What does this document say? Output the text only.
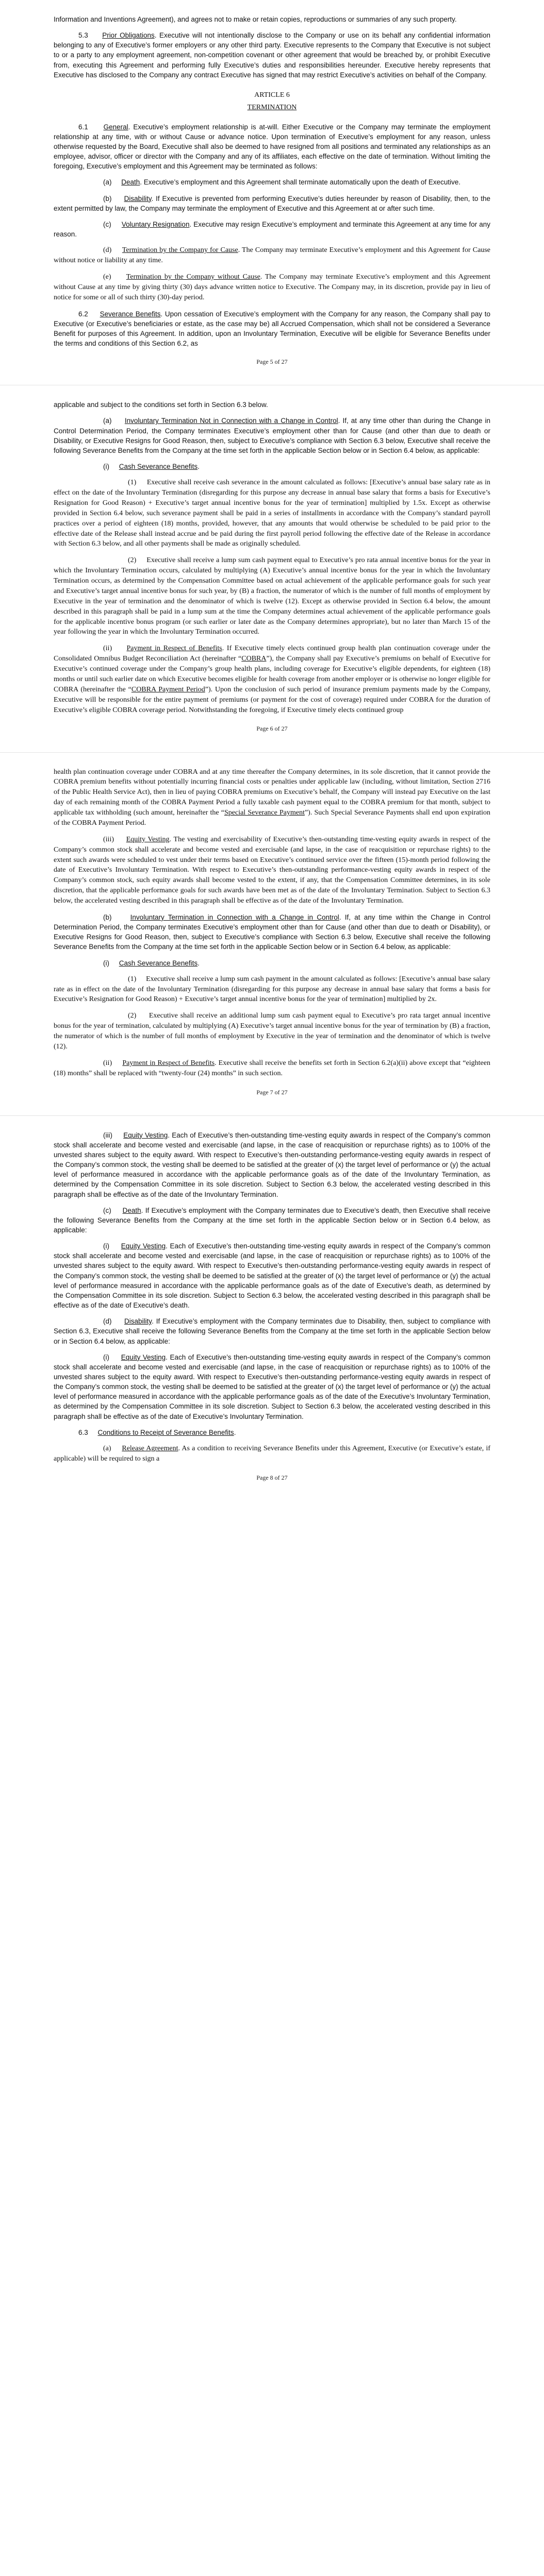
Information and Inventions Agreement), and agrees not to make or retain copies, reproductions or summaries of any such property.

5.3     Prior Obligations. Executive will not intentionally disclose to the Company or use on its behalf any confidential information belonging to any of Executive’s former employers or any other third party. Executive represents to the Company that Executive is not subject to or a party to any employment agreement, non-competition covenant or other agreement that would be breached by, or prohibit Executive from, executing this Agreement and performing fully Executive’s duties and responsibilities hereunder. Executive hereby represents that Executive has disclosed to the Company any contract Executive has signed that may restrict Executive’s activities on behalf of the Company.

ARTICLE 6

TERMINATION

6.1     General. Executive’s employment relationship is at-will. Either Executive or the Company may terminate the employment relationship at any time, with or without Cause or advance notice. Upon termination of Executive’s employment for any reason, unless otherwise requested by the Board, Executive shall also be deemed to have resigned from all positions and terminated any relationships as an employee, advisor, officer or director with the Company and any of its affiliates, each effective on the date of termination. Without limiting the foregoing, Executive’s employment and this Agreement may be terminated as follows:

(a)     Death. Executive’s employment and this Agreement shall terminate automatically upon the death of Executive.

(b)     Disability. If Executive is prevented from performing Executive’s duties hereunder by reason of Disability, then, to the extent permitted by law, the Company may terminate the employment of Executive and this Agreement at or after such time.

(c)     Voluntary Resignation. Executive may resign Executive’s employment and terminate this Agreement at any time for any reason.

(d)     Termination by the Company for Cause. The Company may terminate Executive’s employment and this Agreement for Cause without notice or liability at any time.

(e)     Termination by the Company without Cause. The Company may terminate Executive’s employment and this Agreement without Cause at any time by giving thirty (30) days advance written notice to Executive. The Company may, in its discretion, provide pay in lieu of notice for some or all of such thirty (30)-day period.

6.2     Severance Benefits. Upon cessation of Executive’s employment with the Company for any reason, the Company shall pay to Executive (or Executive’s beneficiaries or estate, as the case may be) all Accrued Compensation, which shall not be considered a Severance Benefit for purposes of this Agreement. In addition, upon an Involuntary Termination, Executive will be eligible for Severance Benefits under the terms and conditions of this Section 6.2, as

Page 5 of 27

applicable and subject to the conditions set forth in Section 6.3 below.

(a)     Involuntary Termination Not in Connection with a Change in Control. If, at any time other than during the Change in Control Determination Period, the Company terminates Executive’s employment other than for Cause (and other than due to death or Disability, or Executive Resigns for Good Reason, then, subject to Executive’s compliance with Section 6.3 below, Executive shall receive the following Severance Benefits from the Company at the time set forth in the applicable Section below or in Section 6.4 below, as applicable:

(i)     Cash Severance Benefits.

(1)     Executive shall receive cash severance in the amount calculated as follows: [Executive’s annual base salary rate as in effect on the date of the Involuntary Termination (disregarding for this purpose any decrease in annual base salary that forms a basis for Executive’s Resignation for Good Reason) + Executive’s target annual incentive bonus for the year of termination] multiplied by 1.5x. Except as otherwise provided in Section 6.4 below, such severance payment shall be paid in a series of installments in accordance with the Company’s standard payroll practices over a period of eighteen (18) months, provided, however, that any amounts that would otherwise be scheduled to be paid prior to the effective date of the Release shall instead accrue and be paid during the first payroll period following the effective date of the Release in accordance with Section 6.3 below, and all other payments shall be made as originally scheduled.

(2)     Executive shall receive a lump sum cash payment equal to Executive’s pro rata annual incentive bonus for the year in which the Involuntary Termination occurs, calculated by multiplying (A) Executive’s annual incentive bonus for the year in which the Involuntary Termination occurs, as determined by the Compensation Committee based on actual achievement of the applicable performance goals for such year and Executive’s target annual incentive bonus for such year, by (B) a fraction, the numerator of which is the number of full months of employment by Executive in the year of termination and the denominator of which is twelve (12). Except as otherwise provided in Section 6.4 below, the amount described in this paragraph shall be paid in a lump sum at the time the Company determines actual achievement of the applicable performance goals for the applicable incentive bonus program (or such earlier or later date as the Company determines appropriate), but no later than March 15 of the year following the year in which the Involuntary Termination occurred.

(ii)     Payment in Respect of Benefits. If Executive timely elects continued group health plan continuation coverage under the Consolidated Omnibus Budget Reconciliation Act (hereinafter “COBRA”), the Company shall pay Executive’s premiums on behalf of Executive for Executive’s continued coverage under the Company’s group health plans, including coverage for Executive’s eligible dependents, for eighteen (18) months or until such earlier date on which Executive becomes eligible for health coverage from another employer or is otherwise no longer eligible for COBRA (hereinafter the “COBRA Payment Period”). Upon the conclusion of such period of insurance premium payments made by the Company, Executive will be responsible for the entire payment of premiums (or payment for the cost of coverage) required under COBRA for the duration of Executive’s eligible COBRA coverage period. Notwithstanding the foregoing, if Executive timely elects continued group

Page 6 of 27

health plan continuation coverage under COBRA and at any time thereafter the Company determines, in its sole discretion, that it cannot provide the COBRA premium benefits without potentially incurring financial costs or penalties under applicable law (including, without limitation, Section 2716 of the Public Health Service Act), then in lieu of paying COBRA premiums on Executive’s behalf, the Company will instead pay Executive on the last day of each remaining month of the COBRA Payment Period a fully taxable cash payment equal to the COBRA premium for that month, subject to applicable tax withholding (such amount, hereinafter the “Special Severance Payment”). Such Special Severance Payments shall end upon expiration of the COBRA Payment Period.

(iii)     Equity Vesting. The vesting and exercisability of Executive’s then-outstanding time-vesting equity awards in respect of the Company’s common stock shall accelerate and become vested and exercisable (and lapse, in the case of reacquisition or repurchase rights) to the extent such awards were scheduled to vest under their terms based on Executive’s continued service over the fifteen (15)-month period following the date of Executive’s Involuntary Termination. With respect to Executive’s then-outstanding performance-vesting equity awards in respect of the Company’s common stock, such equity awards shall become vested to the extent, if any, that the Compensation Committee determines, in its sole discretion, that the applicable performance goals for such awards have been met as of the date of the Involuntary Termination. Subject to Section 6.3 below, the accelerated vesting described in this paragraph shall be effective as of the date of the Involuntary Termination.

(b)     Involuntary Termination in Connection with a Change in Control. If, at any time within the Change in Control Determination Period, the Company terminates Executive’s employment other than for Cause (and other than due to death or Disability), or Executive Resigns for Good Reason, then, subject to Executive’s compliance with Section 6.3 below, Executive shall receive the following Severance Benefits from the Company at the time set forth in the applicable Section below or in Section 6.4 below, as applicable:

(i)     Cash Severance Benefits.

(1)     Executive shall receive a lump sum cash payment in the amount calculated as follows: [Executive’s annual base salary rate as in effect on the date of the Involuntary Termination (disregarding for this purpose any decrease in annual base salary that forms a basis for Executive’s Resignation for Good Reason) + Executive’s target annual incentive bonus for the year of termination] multiplied by 2x.

(2)     Executive shall receive an additional lump sum cash payment equal to Executive’s pro rata target annual incentive bonus for the year of termination, calculated by multiplying (A) Executive’s target annual incentive bonus for the year of termination by (B) a fraction, the numerator of which is the number of full months of employment by Executive in the year of termination and the denominator of which is twelve (12).

(ii)     Payment in Respect of Benefits. Executive shall receive the benefits set forth in Section 6.2(a)(ii) above except that “eighteen (18) months” shall be replaced with “twenty-four (24) months” in such section.

Page 7 of 27

(iii)     Equity Vesting. Each of Executive’s then-outstanding time-vesting equity awards in respect of the Company’s common stock shall accelerate and become vested and exercisable (and lapse, in the case of reacquisition or repurchase rights) as to 100% of the unvested shares subject to the equity award. With respect to Executive’s then-outstanding performance-vesting equity awards in respect of the Company’s common stock, the vesting shall be deemed to be satisfied at the greater of (x) the target level of performance or (y) the actual level of performance measured in accordance with the applicable performance goals as of the date of the Involuntary Termination, as determined by the Compensation Committee in its sole discretion. Subject to Section 6.3 below, the accelerated vesting described in this paragraph shall be effective as of the date of the Involuntary Termination.

(c)     Death. If Executive’s employment with the Company terminates due to Executive’s death, then Executive shall receive the following Severance Benefits from the Company at the time set forth in the applicable Section below or in Section 6.4 below, as applicable:

(i)     Equity Vesting. Each of Executive’s then-outstanding time-vesting equity awards in respect of the Company’s common stock shall accelerate and become vested and exercisable (and lapse, in the case of reacquisition or repurchase rights) as to 100% of the unvested shares subject to the equity award. With respect to Executive’s then-outstanding performance-vesting equity awards in respect of the Company’s common stock, the vesting shall be deemed to be satisfied at the greater of (x) the target level of performance or (y) the actual level of performance measured in accordance with the applicable performance goals as of the date of Executive’s death, as determined by the Compensation Committee in its sole discretion. Subject to Section 6.3 below, the accelerated vesting described in this paragraph shall be effective as of the date of Executive’s death.

(d)     Disability. If Executive’s employment with the Company terminates due to Disability, then, subject to compliance with Section 6.3, Executive shall receive the following Severance Benefits from the Company at the time set forth in the applicable Section below or in Section 6.4 below, as applicable:

(i)     Equity Vesting. Each of Executive’s then-outstanding time-vesting equity awards in respect of the Company’s common stock shall accelerate and become vested and exercisable (and lapse, in the case of reacquisition or repurchase rights) as to 100% of the unvested shares subject to the equity award. With respect to Executive’s then-outstanding performance-vesting equity awards in respect of the Company’s common stock, the vesting shall be deemed to be satisfied at the greater of (x) the target level of performance or (y) the actual level of performance measured in accordance with the applicable performance goals as of the date of the Executive’s Involuntary Termination, as determined by the Compensation Committee in its sole discretion. Subject to Section 6.3 below, the accelerated vesting described in this paragraph shall be effective as of the date of Executive’s Involuntary Termination.

6.3     Conditions to Receipt of Severance Benefits.

(a)     Release Agreement. As a condition to receiving Severance Benefits under this Agreement, Executive (or Executive’s estate, if applicable) will be required to sign a

Page 8 of 27
